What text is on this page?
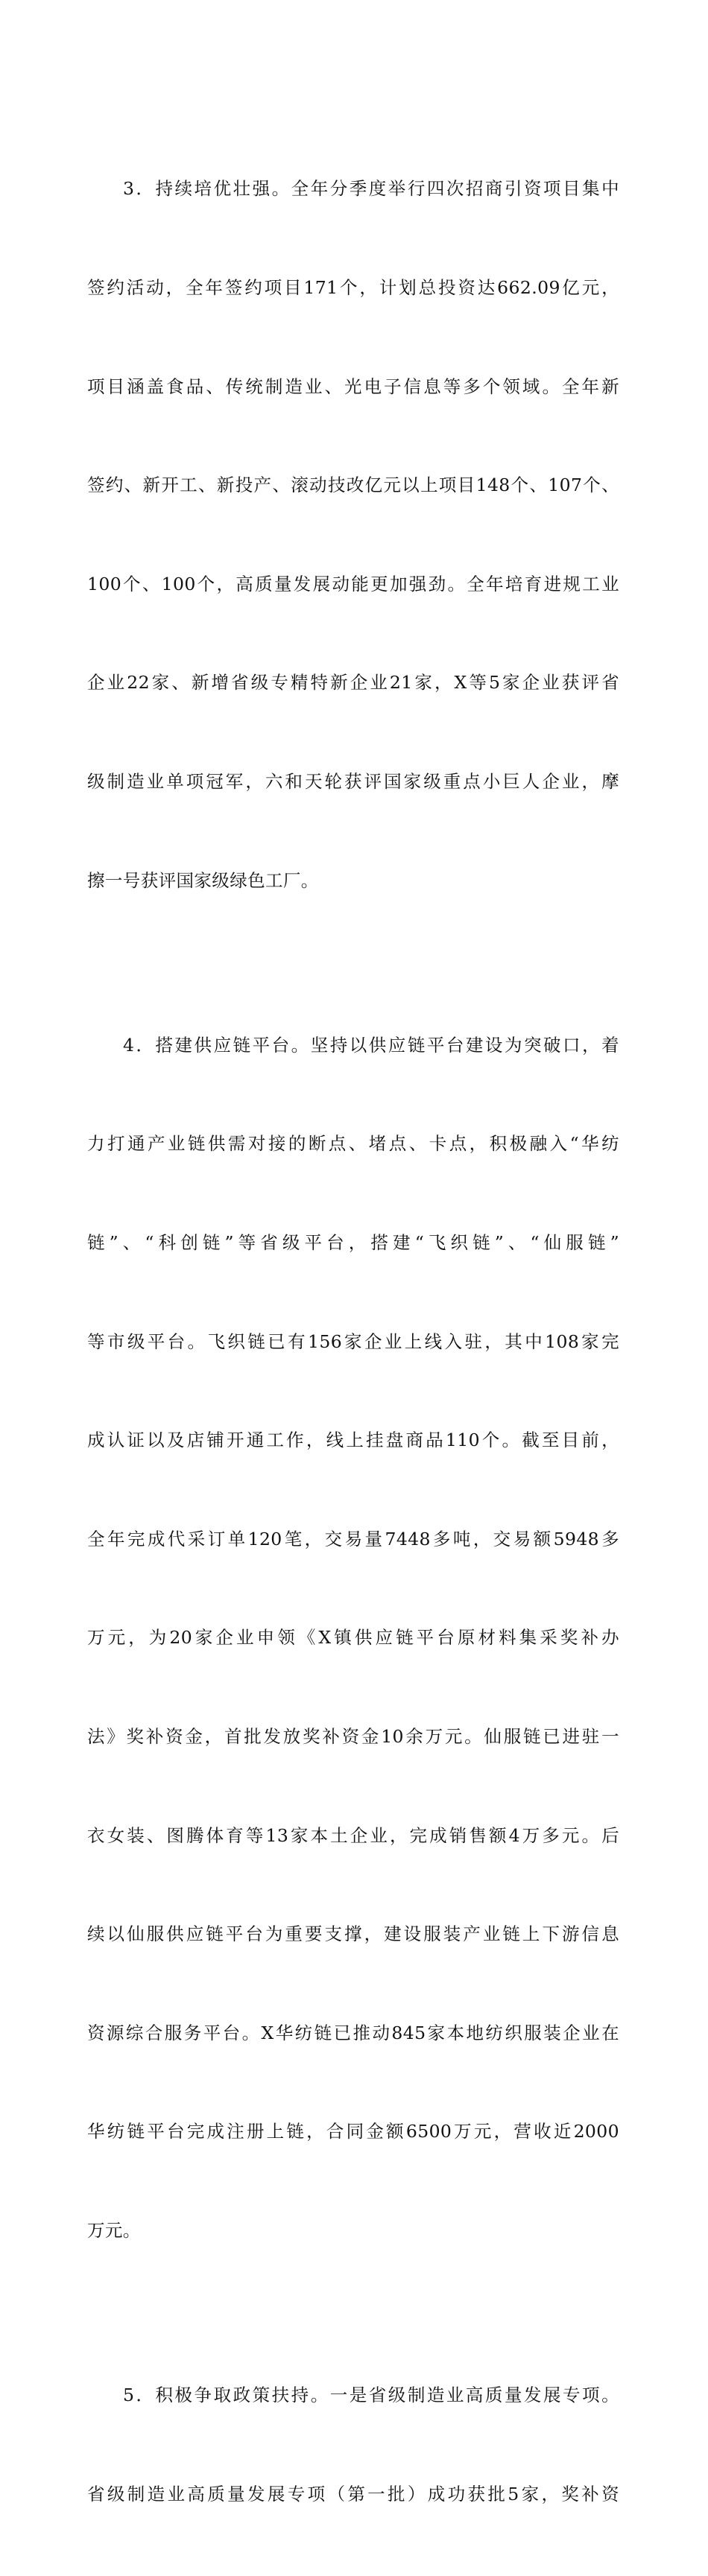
3．持续培优壮强。全年分季度举行四次招商引资项目集中

签约活动，全年签约项目171个，计划总投资达662.09亿元，

项目涵盖食品、传统制造业、光电子信息等多个领域。全年新

签约、新开工、新投产、滚动技改亿元以上项目148个、107个、

100个、100个，高质量发展动能更加强劲。全年培育进规工业

企业22家、新增省级专精特新企业21家，X等5家企业获评省

级制造业单项冠军，六和天轮获评国家级重点小巨人企业，摩

擦一号获评国家级绿色工厂。

4．搭建供应链平台。坚持以供应链平台建设为突破口，着

力打通产业链供需对接的断点、堵点、卡点，积极融入“华纺

链”、“科创链”等省级平台，搭建“飞织链”、“仙服链”

等市级平台。飞织链已有156家企业上线入驻，其中108家完

成认证以及店铺开通工作，线上挂盘商品110个。截至目前，

全年完成代采订单120笔，交易量7448多吨，交易额5948多

万元，为20家企业申领《X镇供应链平台原材料集采奖补办

法》奖补资金，首批发放奖补资金10余万元。仙服链已进驻一

衣女装、图腾体育等13家本土企业，完成销售额4万多元。后

续以仙服供应链平台为重要支撑，建设服装产业链上下游信息

资源综合服务平台。X华纺链已推动845家本地纺织服装企业在

华纺链平台完成注册上链，合同金额6500万元，营收近2000

万元。

5．积极争取政策扶持。一是省级制造业高质量发展专项。

省级制造业高质量发展专项（第一批）成功获批5家，奖补资
